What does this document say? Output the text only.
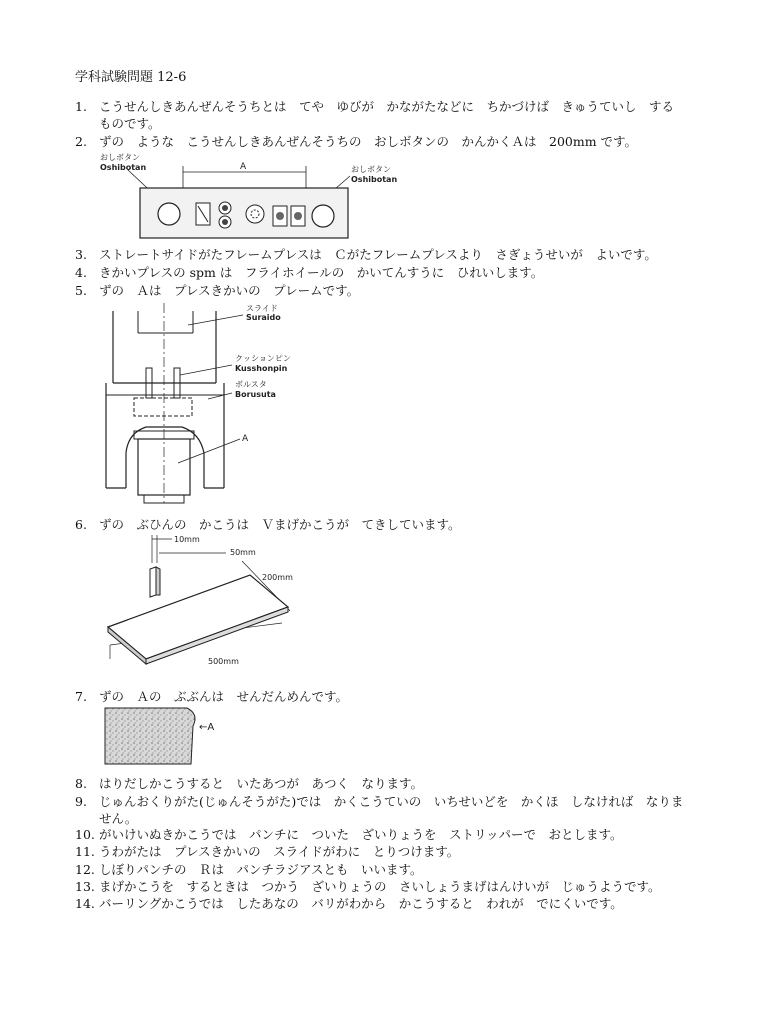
学科試験問題 12-6
1. こうせんしきあんぜんそうちとは　てや　ゆびが　かながたなどに　ちかづけば　きゅうていし　する
ものです。
2. ずの　ような　こうせんしきあんぜんそうちの　おしボタンの　かんかくＡは　200mm です。
おしボタン
Oshibotan	おしボタン
Oshibotan
A
3. ストレートサイドがたフレームプレスは　Ｃがたフレームプレスより　さぎょうせいが　よいです。
4. きかいプレスの spm は　フライホイールの　かいてんすうに　ひれいします。
5. ずの　Ａは　プレスきかいの　プレームです。
スライド
Suraido
クッションピン
Kusshonpin
ボルスタ
Borusuta
A
6. ずの　ぶひんの　かこうは　Ｖまげかこうが　てきしています。
10mm
50mm
200mm
500mm
7. ずの　Ａの　ぶぶんは　せんだんめんです。
←A
8. はりだしかこうすると　いたあつが　あつく　なります。
9. じゅんおくりがた(じゅんそうがた)では　かくこうていの　いちせいどを　かくほ　しなければ　なりま
せん。
10. がいけいぬきかこうでは　パンチに　ついた　ざいりょうを　ストリッパーで　おとします。
11. うわがたは　プレスきかいの　スライドがわに　とりつけます。
12. しぼりパンチの　Ｒは　パンチラジアスとも　いいます。
13. まげかこうを　するときは　つかう　ざいりょうの　さいしょうまげはんけいが　じゅうようです。
14. バーリングかこうでは　したあなの　バリがわから　かこうすると　われが　でにくいです。
